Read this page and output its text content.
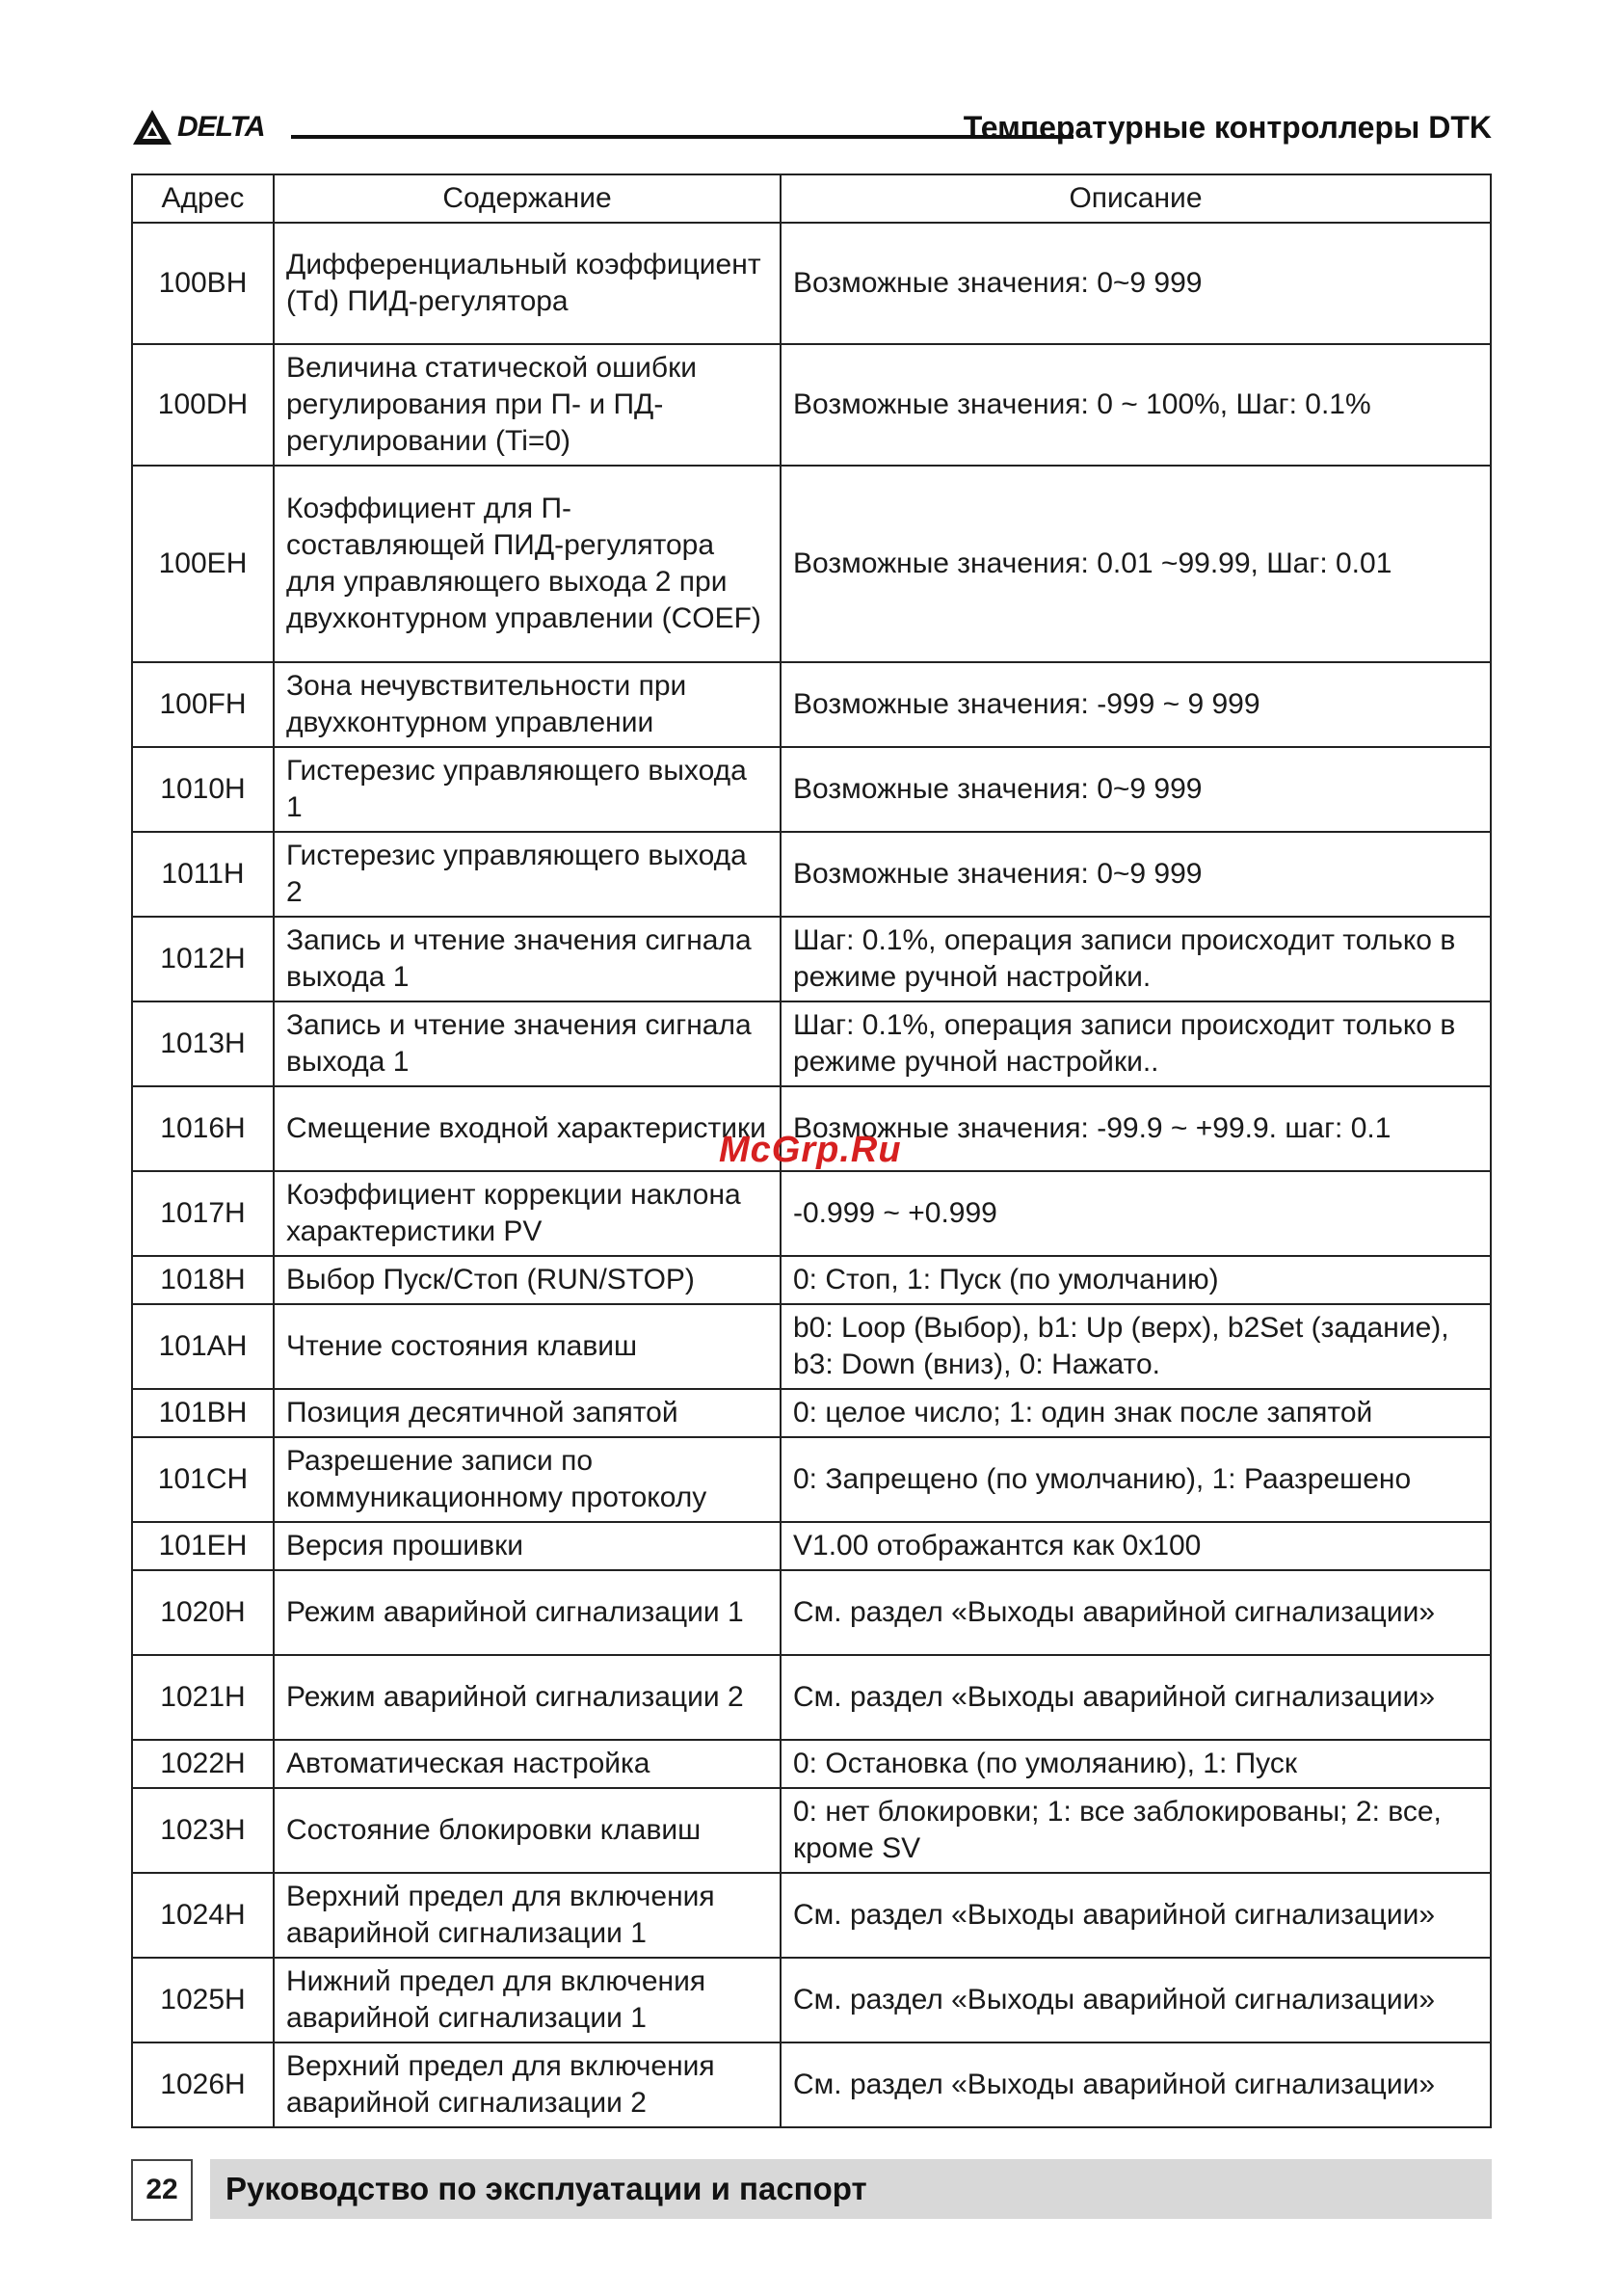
DELTA	Температурные контроллеры DTK
Адрес	Содержание	Описание
100BH	Дифференциальный коэффициент (Td) ПИД-регулятора	Возможные значения: 0~9 999
100DH	Величина статической ошибки регулирования при П- и ПД-регулировании (Ti=0)	Возможные значения: 0 ~ 100%, Шаг: 0.1%
100EH	Коэффициент для П-составляющей ПИД-регулятора для управляющего выхода 2 при двухконтурном управлении (COEF)	Возможные значения: 0.01 ~99.99, Шаг: 0.01
100FH	Зона нечувствительности при двухконтурном управлении	Возможные значения: -999 ~ 9 999
1010H	Гистерезис управляющего выхода 1	Возможные значения: 0~9 999
1011H	Гистерезис управляющего выхода 2	Возможные значения: 0~9 999
1012H	Запись и чтение значения сигнала выхода 1	Шаг: 0.1%, операция записи происходит только в режиме ручной настройки.
1013H	Запись и чтение значения сигнала выхода 1	Шаг: 0.1%, операция записи происходит только в режиме ручной настройки..
1016H	Смещение входной характеристики	Возможные значения: -99.9 ~ +99.9. шаг: 0.1
1017H	Коэффициент коррекции наклона характеристики PV	-0.999 ~ +0.999
1018H	Выбор Пуск/Стоп (RUN/STOP)	0: Стоп, 1: Пуск (по умолчанию)
101AH	Чтение состояния клавиш	b0: Loop (Выбор), b1: Up (верх), b2Set (задание), b3: Down (вниз), 0: Нажато.
101BH	Позиция десятичной запятой	0: целое число; 1: один знак после запятой
101CH	Разрешение записи по коммуникационному протоколу	0: Запрещено (по умолчанию), 1: Раазрешено
101EH	Версия прошивки	V1.00 отображантся как 0x100
1020H	Режим аварийной сигнализации 1	См. раздел «Выходы аварийной сигнализации»
1021H	Режим аварийной сигнализации 2	См. раздел «Выходы аварийной сигнализации»
1022H	Автоматическая настройка	0: Остановка (по умоляанию), 1: Пуск
1023H	Состояние блокировки клавиш	0: нет блокировки; 1: все заблокированы; 2: все, кроме SV
1024H	Верхний предел для включения аварийной сигнализации 1	См. раздел «Выходы аварийной сигнализации»
1025H	Нижний предел для включения аварийной сигнализации 1	См. раздел «Выходы аварийной сигнализации»
1026H	Верхний предел для включения аварийной сигнализации 2	См. раздел «Выходы аварийной сигнализации»
McGrp.Ru
22	Руководство по эксплуатации и паспорт
